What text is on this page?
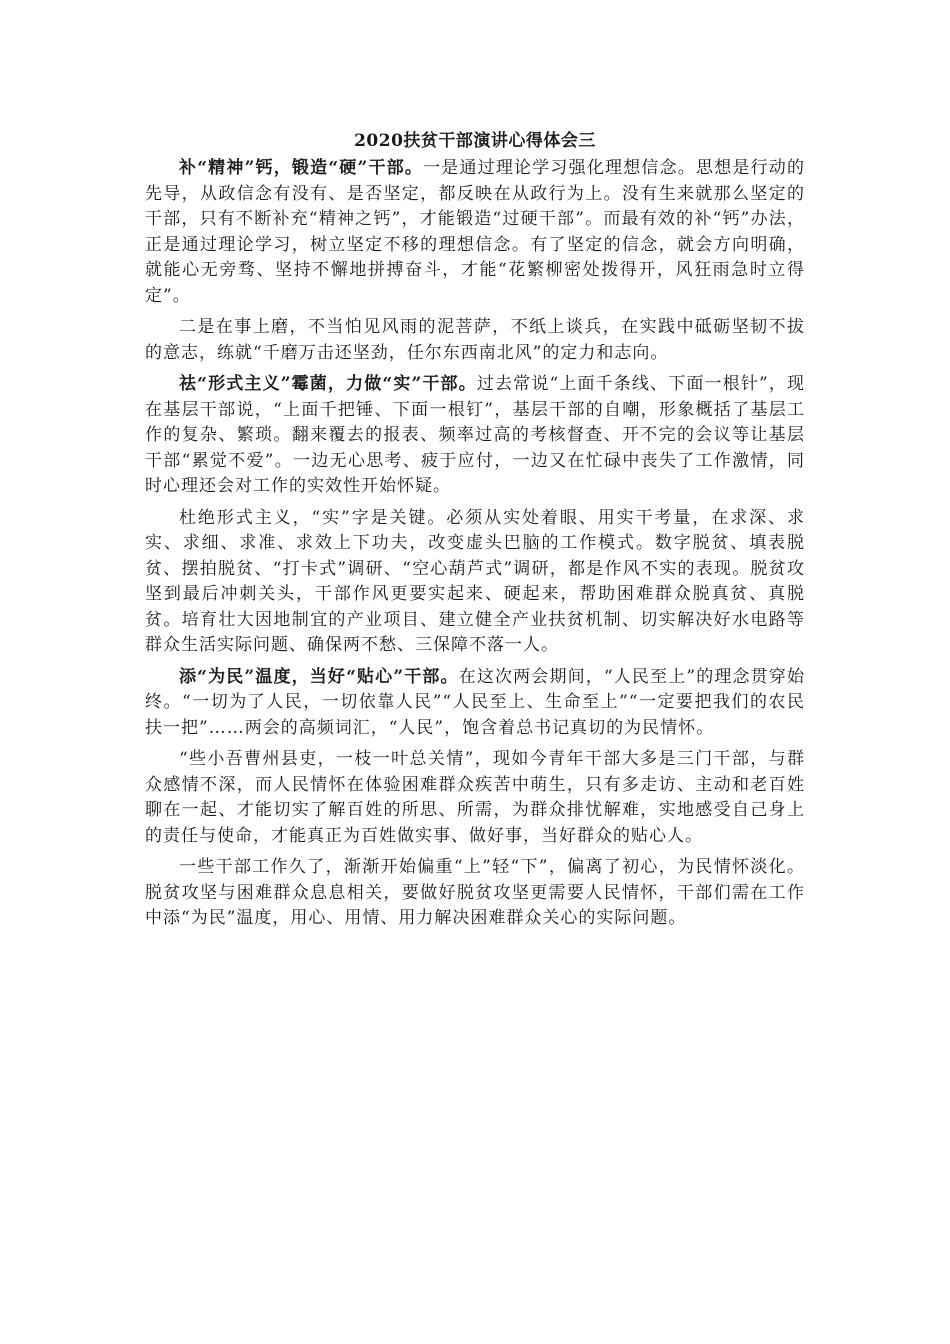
2020扶贫干部演讲心得体会三

补“精神”钙，锻造“硬”干部。一是通过理论学习强化理想信念。思想是行动的先导，从政信念有没有、是否坚定，都反映在从政行为上。没有生来就那么坚定的干部，只有不断补充“精神之钙”，才能锻造“过硬干部”。而最有效的补“钙”办法，正是通过理论学习，树立坚定不移的理想信念。有了坚定的信念，就会方向明确，就能心无旁骛、坚持不懈地拼搏奋斗，才能“花繁柳密处拨得开，风狂雨急时立得定”。

二是在事上磨，不当怕见风雨的泥菩萨，不纸上谈兵，在实践中砥砺坚韧不拔的意志，练就“千磨万击还坚劲，任尔东西南北风”的定力和志向。

祛“形式主义”霉菌，力做“实”干部。过去常说“上面千条线、下面一根针”，现在基层干部说，“上面千把锤、下面一根钉”，基层干部的自嘲，形象概括了基层工作的复杂、繁琐。翻来覆去的报表、频率过高的考核督查、开不完的会议等让基层干部“累觉不爱”。一边无心思考、疲于应付，一边又在忙碌中丧失了工作激情，同时心理还会对工作的实效性开始怀疑。

杜绝形式主义，“实”字是关键。必须从实处着眼、用实干考量，在求深、求实、求细、求准、求效上下功夫，改变虚头巴脑的工作模式。数字脱贫、填表脱贫、摆拍脱贫、“打卡式”调研、“空心葫芦式”调研，都是作风不实的表现。脱贫攻坚到最后冲刺关头，干部作风更要实起来、硬起来，帮助困难群众脱真贫、真脱贫。培育壮大因地制宜的产业项目、建立健全产业扶贫机制、切实解决好水电路等群众生活实际问题、确保两不愁、三保障不落一人。

添“为民”温度，当好“贴心”干部。在这次两会期间，“人民至上”的理念贯穿始终。“一切为了人民，一切依靠人民”“人民至上、生命至上”“一定要把我们的农民扶一把”……两会的高频词汇，“人民”，饱含着总书记真切的为民情怀。

“些小吾曹州县吏，一枝一叶总关情”，现如今青年干部大多是三门干部，与群众感情不深，而人民情怀在体验困难群众疾苦中萌生，只有多走访、主动和老百姓聊在一起、才能切实了解百姓的所思、所需，为群众排忧解难，实地感受自己身上的责任与使命，才能真正为百姓做实事、做好事，当好群众的贴心人。

一些干部工作久了，渐渐开始偏重“上”轻“下”，偏离了初心，为民情怀淡化。脱贫攻坚与困难群众息息相关，要做好脱贫攻坚更需要人民情怀，干部们需在工作中添“为民”温度，用心、用情、用力解决困难群众关心的实际问题。
